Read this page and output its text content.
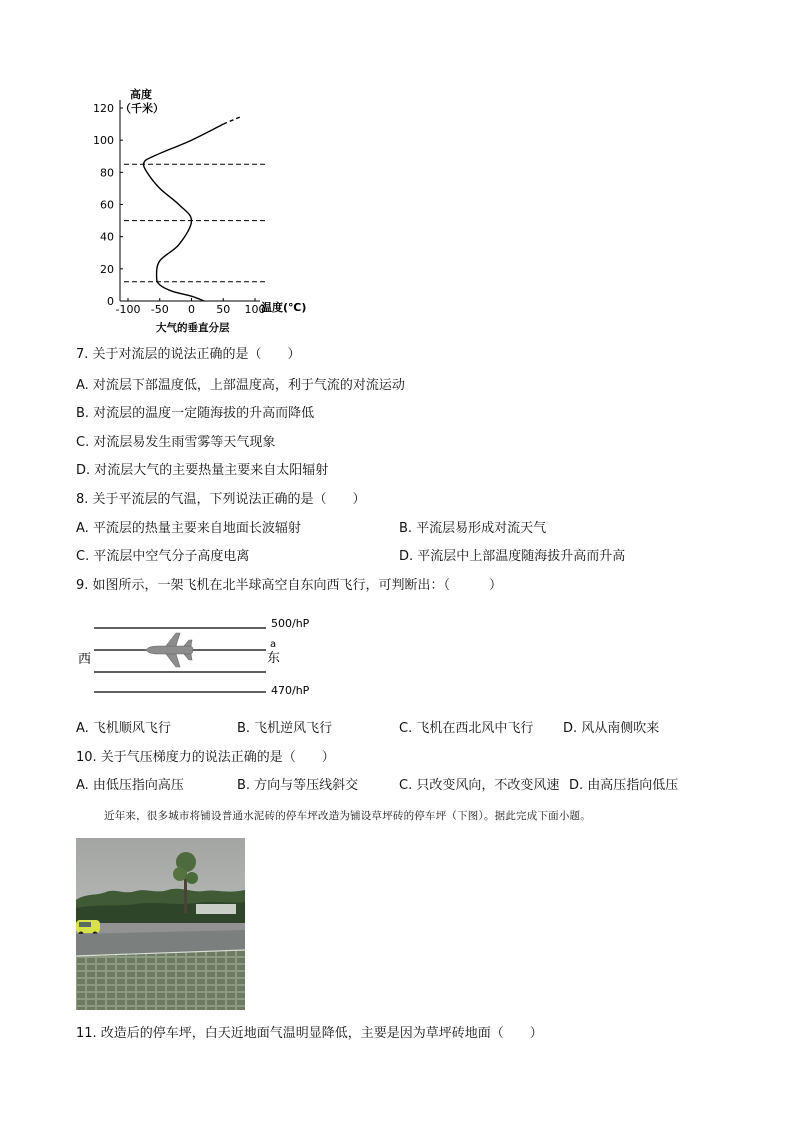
高度
（千米）
120
100
80
60
40
20
0
-100 -50 0 50 100
温度(℃)
大气的垂直分层
7. 关于对流层的说法正确的是（　　）
A. 对流层下部温度低，上部温度高，利于气流的对流运动
B. 对流层的温度一定随海拔的升高而降低
C. 对流层易发生雨雪雾等天气现象
D. 对流层大气的主要热量主要来自太阳辐射
8. 关于平流层的气温，下列说法正确的是（　　）
A. 平流层的热量主要来自地面长波辐射	B. 平流层易形成对流天气
C. 平流层中空气分子高度电离	D. 平流层中上部温度随海拔升高而升高
9. 如图所示，一架飞机在北半球高空自东向西飞行，可判断出：（　　　）
500/hP
470/hP
西	东
a
A. 飞机顺风飞行	B. 飞机逆风飞行	C. 飞机在西北风中飞行 D. 风从南侧吹来
10. 关于气压梯度力的说法正确的是（　　）
A. 由低压指向高压	B. 方向与等压线斜交	C. 只改变风向，不改变风速 D. 由高压指向低压
近年来，很多城市将铺设普通水泥砖的停车坪改造为铺设草坪砖的停车坪（下图）。据此完成下面小题。
11. 改造后的停车坪，白天近地面气温明显降低，主要是因为草坪砖地面（　　）
